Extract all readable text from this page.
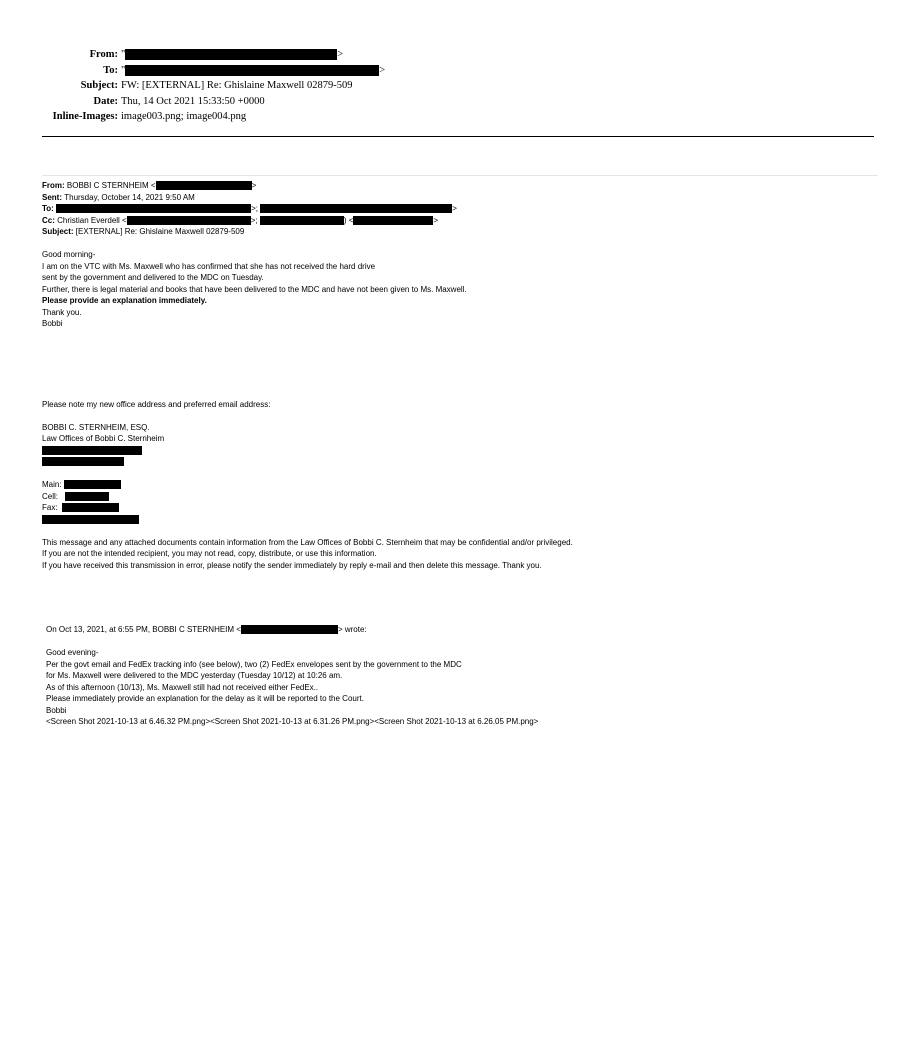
From: "	>
To: "	>
Subject: FW: [EXTERNAL] Re: Ghislaine Maxwell 02879-509
Date: Thu, 14 Oct 2021 15:33:50 +0000
Inline-Images: image003.png; image004.png
From:
BOBBI C STERNHEIM <	>
Sent:
Thursday, October 14, 2021 9:50 AM
To:
	>;
	>
Cc:
Christian Everdell <	>;
	) <	>
Subject:
[EXTERNAL] Re: Ghislaine Maxwell 02879-509
Good morning-
I am on the VTC with Ms. Maxwell who has confirmed that she has not received the hard drive
sent by the government and delivered to the MDC on Tuesday.
Further, there is legal material and books that have been delivered to the MDC and have not been given to Ms. Maxwell.
Please provide an explanation immediately.
Thank you.
Bobbi
Please note my new office address and preferred email address:
BOBBI C. STERNHEIM, ESQ.
Law Offices of Bobbi C. Sternheim
Main:

Cell:

Fax:

This message and any attached documents contain information from the Law Offices of Bobbi C. Sternheim that may be confidential and/or privileged.
If you are not the intended recipient, you may not read, copy, distribute, or use this information.
If you have received this transmission in error, please notify the sender immediately by reply e-mail and then delete this message. Thank you.
On Oct 13, 2021, at 6:55 PM, BOBBI C STERNHEIM <	> wrote:
Good evening-
Per the govt email and FedEx tracking info (see below), two (2) FedEx envelopes sent by the government to the MDC
for Ms. Maxwell were delivered to the MDC yesterday (Tuesday 10/12) at 10:26 am.
As of this afternoon (10/13), Ms. Maxwell still had not received either FedEx..
Please immediately provide an explanation for the delay as it will be reported to the Court.
Bobbi
<Screen Shot 2021-10-13 at 6.46.32 PM.png><Screen Shot 2021-10-13 at 6.31.26 PM.png><Screen Shot 2021-10-13 at 6.26.05 PM.png>
